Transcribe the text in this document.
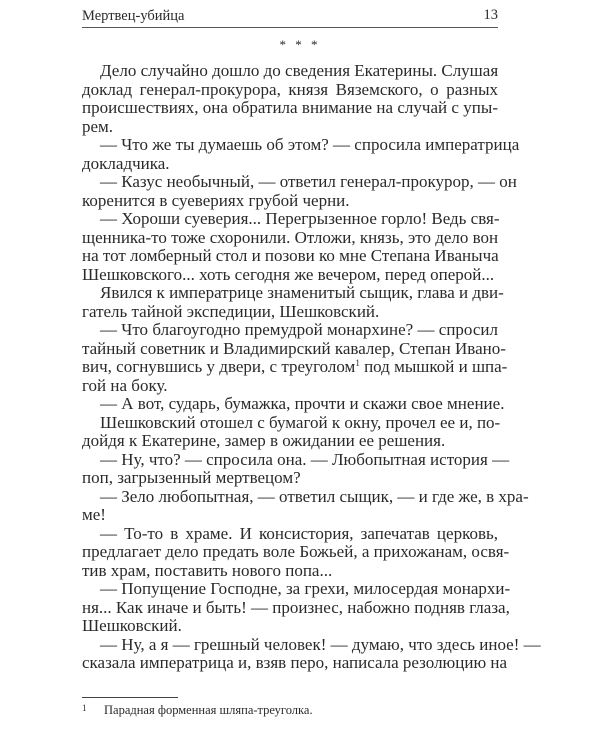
Мертвец-убийца	13
* * *
Дело случайно дошло до сведения Екатерины. Слушая
доклад генерал-прокурора, князя Вяземского, о разных
происшествиях, она обратила внимание на случай с упы-
рем.
— Что же ты думаешь об этом? — спросила императрица
докладчика.
— Казус необычный, — ответил генерал-прокурор, — он
коренится в суевериях грубой черни.
— Хороши суеверия... Перегрызенное горло! Ведь свя-
щенника-то тоже схоронили. Отложи, князь, это дело вон
на тот ломберный стол и позови ко мне Степана Иваныча
Шешковского... хоть сегодня же вечером, перед оперой...
Явился к императрице знаменитый сыщик, глава и дви-
гатель тайной экспедиции, Шешковский.
— Что благоугодно премудрой монархине? — спросил
тайный советник и Владимирский кавалер, Степан Ивано-
вич, согнувшись у двери, с треуголом$^1$ под мышкой и шпа-
гой на боку.
— А вот, сударь, бумажка, прочти и скажи свое мнение.
Шешковский отошел с бумагой к окну, прочел ее и, по-
дойдя к Екатерине, замер в ожидании ее решения.
— Ну, что? — спросила она. — Любопытная история —
поп, загрызенный мертвецом?
— Зело любопытная, — ответил сыщик, — и где же, в хра-
ме!
— То-то в храме. И консистория, запечатав церковь,
предлагает дело предать воле Божьей, а прихожанам, освя-
тив храм, поставить нового попа...
— Попущение Господне, за грехи, милосердая монархи-
ня... Как иначе и быть! — произнес, набожно подняв глаза,
Шешковский.
— Ну, а я — грешный человек! — думаю, что здесь иное! —
сказала императрица и, взяв перо, написала резолюцию на
1 Парадная форменная шляпа-треуголка.
